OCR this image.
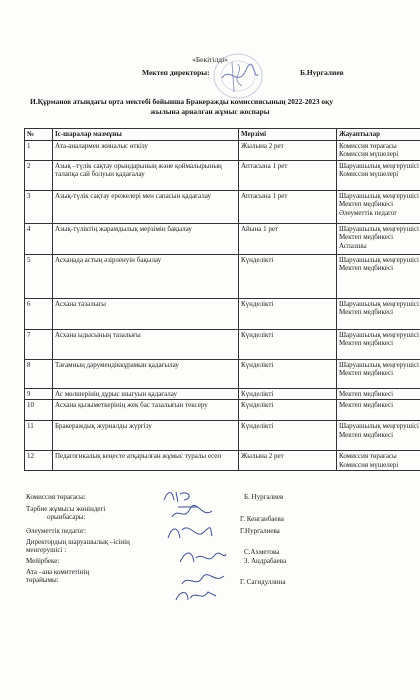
«Бекітілді»
Мектеп директоры:	Б.Нургалиев
И.Құрманов атындағы орта мектебі бойынша Бракеражды комиссиясының 2022-2023 оқу
жылына арналған жұмыс жоспары
№	Іс-шаралар мазмұны	Мерзімі	Жауаптылар
1	Ата-аналармен жиналыс өткізу	Жылына 2 рет	Комиссия төрағасы
Комиссия мүшелері
2	Азық –түлік сақтау орындарының және қоймалырының талапқа сай болуын қадағалау	Аптасына 1 рет	Шаруашылық меңгерушісі
Комиссия мүшелері
3	Азық-түлік сақтау ережелері мен сапасын қадағалау	Аптасына 1 рет	Шаруашылық меңгерушісі
Мектеп медбикесі
Әлеуметтік педагог
4	Азық-түліктің жарамдылық мерзімін бақылау	Айына 1 рет	Шаруашылық меңгерушісі
Мектеп медбикесі
Аспазшы
5	Асханада астың әзірленуін бақылау	Күнделікті	Шаруашылық меңгерушісі
Мектеп медбикесі
6	Асхана тазалығы	Күнделікті	Шаруашылық меңгерушісі
Мектеп медбикесі
7	Асхана ыдысының тазалығы	Күнделікті	Шаруашылық меңгерушісі
Мектеп медбикесі
8	Тағамның дәрумендіккұрамын қадағылау	Күнделікті	Шаруашылық меңгерушісі
Мектеп медбикесі
9	Ас мөлшерінің дұрыс шығуын қадағалау	Күнделікті	Мектеп медбикесі
10	Асхана қызыметкерінің жек бас тазалығын тексеру	Күнделікті	Мектеп медбикесі
11	Бракераждық журналды жүргізу	Күнделікті	Шаруашылық меңгерушісі
Мектеп медбикесі
12	Педагогикалық кеңесте атқарылған жұмыс туралы есеп	Жылына 2 рет	Комиссия төрағасы
Комиссия мүшелері
Комиссия төрағасы:	Б. Нургалиев
Тәрбие жұмысы жөніндегі
орынбасары:	Г. Кенганбаева
Әлеуметтік педагог:	Г.Нургалиева
Директордың шаруашылық –ісінің
менгерушісі :	С.Ахметова
Мейірбеке:	З. Андрабаева
Ата –ана комитетінің
төрайымы:	Г. Сагидуллина
